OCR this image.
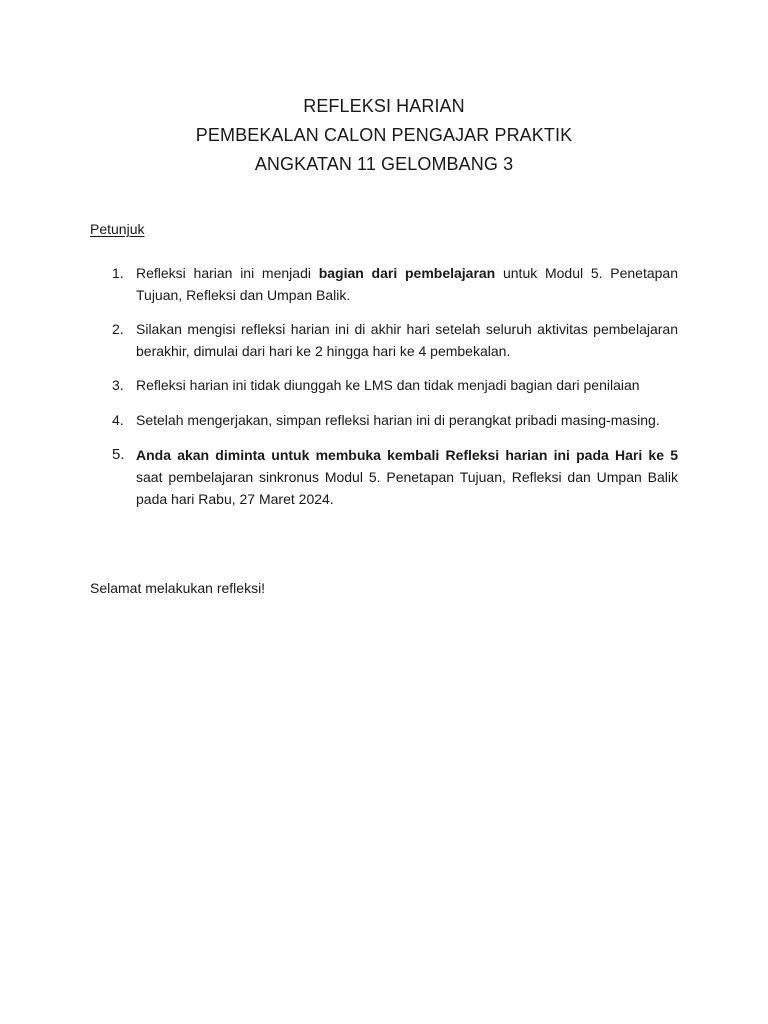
REFLEKSI HARIAN
PEMBEKALAN CALON PENGAJAR PRAKTIK
ANGKATAN 11 GELOMBANG 3
Petunjuk
1. Refleksi harian ini menjadi bagian dari pembelajaran untuk Modul 5. Penetapan Tujuan, Refleksi dan Umpan Balik.
2. Silakan mengisi refleksi harian ini di akhir hari setelah seluruh aktivitas pembelajaran berakhir, dimulai dari hari ke 2 hingga hari ke 4 pembekalan.
3. Refleksi harian ini tidak diunggah ke LMS dan tidak menjadi bagian dari penilaian
4. Setelah mengerjakan, simpan refleksi harian ini di perangkat pribadi masing-masing.
5. Anda akan diminta untuk membuka kembali Refleksi harian ini pada Hari ke 5 saat pembelajaran sinkronus Modul 5. Penetapan Tujuan, Refleksi dan Umpan Balik pada hari Rabu, 27 Maret 2024.
Selamat melakukan refleksi!
